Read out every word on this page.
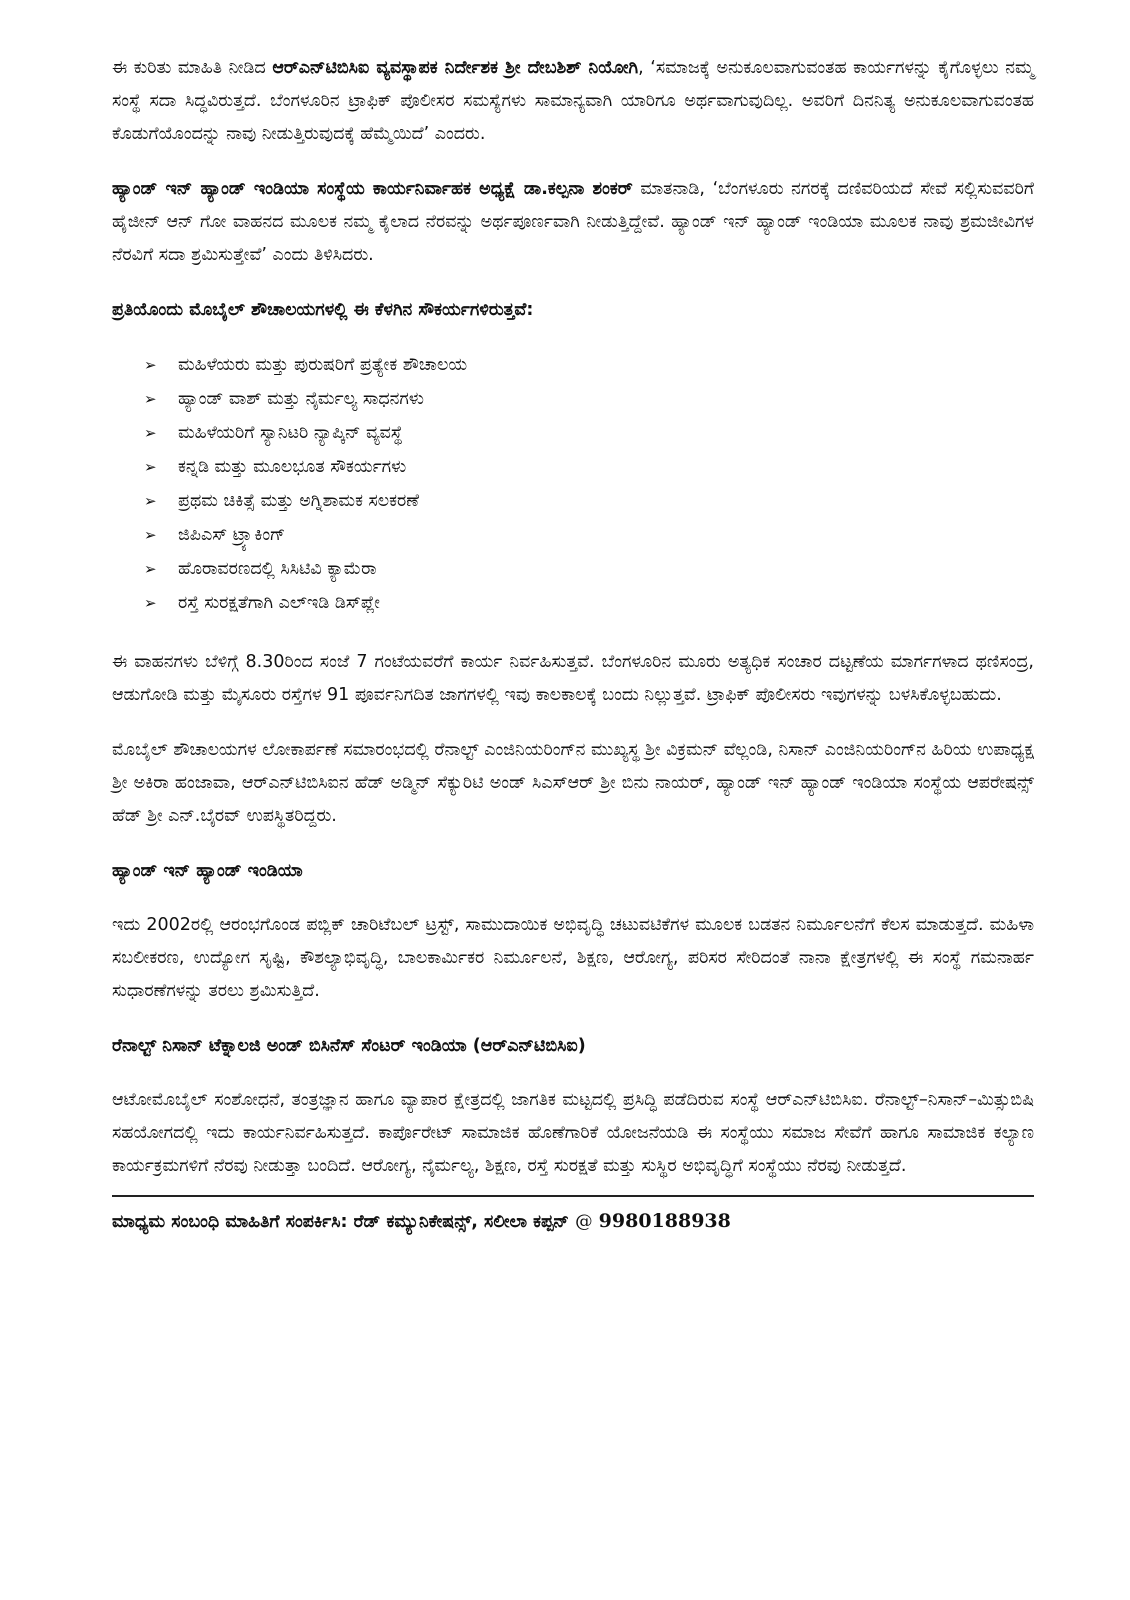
ಈ ಕುರಿತು ಮಾಹಿತಿ ನೀಡಿದ ಆರ್‌ಎನ್‌ಟಿಬಿಸಿಐ ವ್ಯವಸ್ಥಾಪಕ ನಿರ್ದೇಶಕ ಶ್ರೀ ದೇಬಶಿಶ್ ನಿಯೋಗಿ, ‘ಸಮಾಜಕ್ಕೆ ಅನುಕೂಲವಾಗುವಂತಹ ಕಾರ್ಯಗಳನ್ನು ಕೈಗೊಳ್ಳಲು ನಮ್ಮ ಸಂಸ್ಥೆ ಸದಾ ಸಿದ್ಧವಿರುತ್ತದೆ. ಬೆಂಗಳೂರಿನ ಟ್ರಾಫಿಕ್ ಪೊಲೀಸರ ಸಮಸ್ಯೆಗಳು ಸಾಮಾನ್ಯವಾಗಿ ಯಾರಿಗೂ ಅರ್ಥವಾಗುವುದಿಲ್ಲ. ಅವರಿಗೆ ದಿನನಿತ್ಯ ಅನುಕೂಲವಾಗುವಂತಹ ಕೊಡುಗೆಯೊಂದನ್ನು ನಾವು ನೀಡುತ್ತಿರುವುದಕ್ಕೆ ಹೆಮ್ಮೆಯಿದೆ’ ಎಂದರು.

ಹ್ಯಾಂಡ್ ಇನ್ ಹ್ಯಾಂಡ್ ಇಂಡಿಯಾ ಸಂಸ್ಥೆಯ ಕಾರ್ಯನಿರ್ವಾಹಕ ಅಧ್ಯಕ್ಷೆ ಡಾ.ಕಲ್ಪನಾ ಶಂಕರ್ ಮಾತನಾಡಿ, ‘ಬೆಂಗಳೂರು ನಗರಕ್ಕೆ ದಣಿವರಿಯದೆ ಸೇವೆ ಸಲ್ಲಿಸುವವರಿಗೆ ಹೈಜೀನ್ ಆನ್ ಗೋ ವಾಹನದ ಮೂಲಕ ನಮ್ಮ ಕೈಲಾದ ನೆರವನ್ನು ಅರ್ಥಪೂರ್ಣವಾಗಿ ನೀಡುತ್ತಿದ್ದೇವೆ. ಹ್ಯಾಂಡ್ ಇನ್ ಹ್ಯಾಂಡ್ ಇಂಡಿಯಾ ಮೂಲಕ ನಾವು ಶ್ರಮಜೀವಿಗಳ ನೆರವಿಗೆ ಸದಾ ಶ್ರಮಿಸುತ್ತೇವೆ’ ಎಂದು ತಿಳಿಸಿದರು.

ಪ್ರತಿಯೊಂದು ಮೊಬೈಲ್ ಶೌಚಾಲಯಗಳಲ್ಲಿ ಈ ಕೆಳಗಿನ ಸೌಕರ್ಯಗಳಿರುತ್ತವೆ:
➢	ಮಹಿಳೆಯರು ಮತ್ತು ಪುರುಷರಿಗೆ ಪ್ರತ್ಯೇಕ ಶೌಚಾಲಯ
➢	ಹ್ಯಾಂಡ್ ವಾಶ್ ಮತ್ತು ನೈರ್ಮಲ್ಯ ಸಾಧನಗಳು
➢	ಮಹಿಳೆಯರಿಗೆ ಸ್ಯಾನಿಟರಿ ನ್ಯಾಪ್ಕಿನ್ ವ್ಯವಸ್ಥೆ
➢	ಕನ್ನಡಿ ಮತ್ತು ಮೂಲಭೂತ ಸೌಕರ್ಯಗಳು
➢	ಪ್ರಥಮ ಚಿಕಿತ್ಸೆ ಮತ್ತು ಅಗ್ನಿಶಾಮಕ ಸಲಕರಣೆ
➢	ಜಿಪಿಎಸ್ ಟ್ರ್ಯಾಕಿಂಗ್
➢	ಹೊರಾವರಣದಲ್ಲಿ ಸಿಸಿಟಿವಿ ಕ್ಯಾಮೆರಾ
➢	ರಸ್ತೆ ಸುರಕ್ಷತೆಗಾಗಿ ಎಲ್‌ಇಡಿ ಡಿಸ್‌ಪ್ಲೇ

ಈ ವಾಹನಗಳು ಬೆಳಿಗ್ಗೆ 8.30ರಿಂದ ಸಂಜೆ 7 ಗಂಟೆಯವರೆಗೆ ಕಾರ್ಯ ನಿರ್ವಹಿಸುತ್ತವೆ. ಬೆಂಗಳೂರಿನ ಮೂರು ಅತ್ಯಧಿಕ ಸಂಚಾರ ದಟ್ಟಣೆಯ ಮಾರ್ಗಗಳಾದ ಥಣಿಸಂದ್ರ, ಆಡುಗೋಡಿ ಮತ್ತು ಮೈಸೂರು ರಸ್ತೆಗಳ 91 ಪೂರ್ವನಿಗದಿತ ಜಾಗಗಳಲ್ಲಿ ಇವು ಕಾಲಕಾಲಕ್ಕೆ ಬಂದು ನಿಲ್ಲುತ್ತವೆ. ಟ್ರಾಫಿಕ್ ಪೊಲೀಸರು ಇವುಗಳನ್ನು ಬಳಸಿಕೊಳ್ಳಬಹುದು.

ಮೊಬೈಲ್ ಶೌಚಾಲಯಗಳ ಲೋಕಾರ್ಪಣೆ ಸಮಾರಂಭದಲ್ಲಿ ರೆನಾಲ್ಟ್ ಎಂಜಿನಿಯರಿಂಗ್‌ನ ಮುಖ್ಯಸ್ಥ ಶ್ರೀ ವಿಕ್ರಮನ್ ವೆಲ್ಲಂಡಿ, ನಿಸಾನ್ ಎಂಜಿನಿಯರಿಂಗ್‌ನ ಹಿರಿಯ ಉಪಾಧ್ಯಕ್ಷ ಶ್ರೀ ಅಕಿರಾ ಹಂಜಾವಾ, ಆರ್‌ಎನ್‌ಟಿಬಿಸಿಐನ ಹೆಡ್ ಅಡ್ಮಿನ್ ಸೆಕ್ಯುರಿಟಿ ಅಂಡ್ ಸಿಎಸ್‌ಆರ್ ಶ್ರೀ ಬಿನು ನಾಯರ್, ಹ್ಯಾಂಡ್ ಇನ್ ಹ್ಯಾಂಡ್ ಇಂಡಿಯಾ ಸಂಸ್ಥೆಯ ಆಪರೇಷನ್ಸ್ ಹೆಡ್ ಶ್ರೀ ಎನ್.ಬೈರವ್ ಉಪಸ್ಥಿತರಿದ್ದರು.

ಹ್ಯಾಂಡ್ ಇನ್ ಹ್ಯಾಂಡ್ ಇಂಡಿಯಾ

ಇದು 2002ರಲ್ಲಿ ಆರಂಭಗೊಂಡ ಪಬ್ಲಿಕ್ ಚಾರಿಟೆಬಲ್ ಟ್ರಸ್ಟ್, ಸಾಮುದಾಯಿಕ ಅಭಿವೃದ್ಧಿ ಚಟುವಟಿಕೆಗಳ ಮೂಲಕ ಬಡತನ ನಿರ್ಮೂಲನೆಗೆ ಕೆಲಸ ಮಾಡುತ್ತದೆ. ಮಹಿಳಾ ಸಬಲೀಕರಣ, ಉದ್ಯೋಗ ಸೃಷ್ಟಿ, ಕೌಶಲ್ಯಾಭಿವೃದ್ಧಿ, ಬಾಲಕಾರ್ಮಿಕರ ನಿರ್ಮೂಲನೆ, ಶಿಕ್ಷಣ, ಆರೋಗ್ಯ, ಪರಿಸರ ಸೇರಿದಂತೆ ನಾನಾ ಕ್ಷೇತ್ರಗಳಲ್ಲಿ ಈ ಸಂಸ್ಥೆ ಗಮನಾರ್ಹ ಸುಧಾರಣೆಗಳನ್ನು ತರಲು ಶ್ರಮಿಸುತ್ತಿದೆ.

ರೆನಾಲ್ಟ್ ನಿಸಾನ್ ಟೆಕ್ನಾಲಜಿ ಅಂಡ್ ಬಿಸಿನೆಸ್ ಸೆಂಟರ್ ಇಂಡಿಯಾ (ಆರ್‌ಎನ್‌ಟಿಬಿಸಿಐ)

ಆಟೋಮೊಬೈಲ್ ಸಂಶೋಧನೆ, ತಂತ್ರಜ್ಞಾನ ಹಾಗೂ ವ್ಯಾಪಾರ ಕ್ಷೇತ್ರದಲ್ಲಿ ಜಾಗತಿಕ ಮಟ್ಟದಲ್ಲಿ ಪ್ರಸಿದ್ಧಿ ಪಡೆದಿರುವ ಸಂಸ್ಥೆ ಆರ್‌ಎನ್‌ಟಿಬಿಸಿಐ. ರೆನಾಲ್ಟ್–ನಿಸಾನ್–ಮಿತ್ಸುಬಿಷಿ ಸಹಯೋಗದಲ್ಲಿ ಇದು ಕಾರ್ಯನಿರ್ವಹಿಸುತ್ತದೆ. ಕಾರ್ಪೊರೇಟ್ ಸಾಮಾಜಿಕ ಹೊಣೆಗಾರಿಕೆ ಯೋಜನೆಯಡಿ ಈ ಸಂಸ್ಥೆಯು ಸಮಾಜ ಸೇವೆಗೆ ಹಾಗೂ ಸಾಮಾಜಿಕ ಕಲ್ಯಾಣ ಕಾರ್ಯಕ್ರಮಗಳಿಗೆ ನೆರವು ನೀಡುತ್ತಾ ಬಂದಿದೆ. ಆರೋಗ್ಯ, ನೈರ್ಮಲ್ಯ, ಶಿಕ್ಷಣ, ರಸ್ತೆ ಸುರಕ್ಷತೆ ಮತ್ತು ಸುಸ್ಥಿರ ಅಭಿವೃದ್ಧಿಗೆ ಸಂಸ್ಥೆಯು ನೆರವು ನೀಡುತ್ತದೆ.

ಮಾಧ್ಯಮ ಸಂಬಂಧಿ ಮಾಹಿತಿಗೆ ಸಂಪರ್ಕಿಸಿ: ರೆಡ್ ಕಮ್ಯುನಿಕೇಷನ್ಸ್, ಸಲೀಲಾ ಕಪ್ಪನ್ @ 9980188938
